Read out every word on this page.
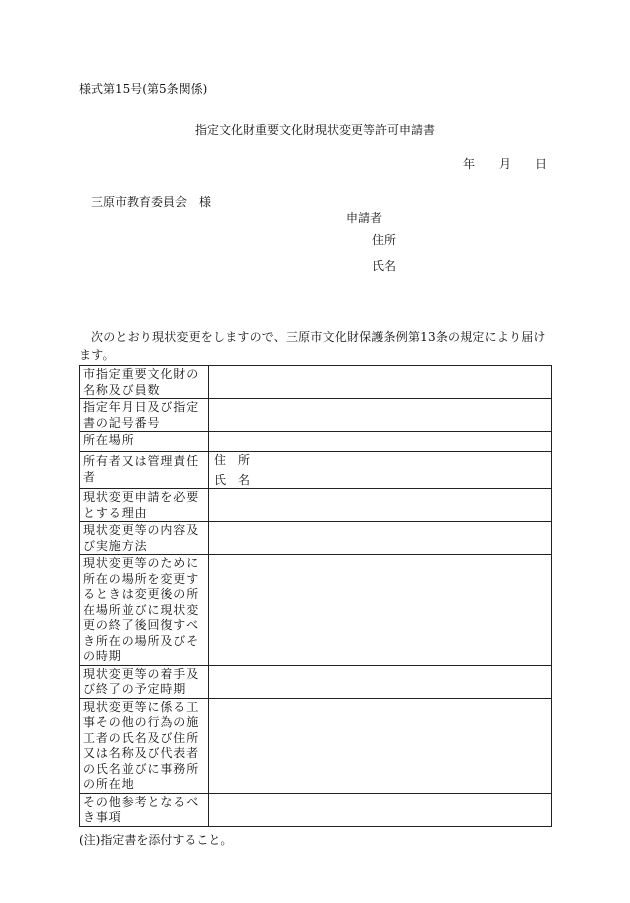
様式第15号(第5条関係)
指定文化財重要文化財現状変更等許可申請書
年 月 日
三原市教育委員会　様
申請者
住所
氏名
次のとおり現状変更をしますので、三原市文化財保護条例第13条の規定により届けます。
市指定重要文化財の名称及び員数	
指定年月日及び指定書の記号番号	
所在場所	
所有者又は管理責任者	住　所
氏　名

現状変更申請を必要とする理由	
現状変更等の内容及び実施方法	
現状変更等のために所在の場所を変更するときは変更後の所在場所並びに現状変更の終了後回復すべき所在の場所及びその時期	
現状変更等の着手及び終了の予定時期	
現状変更等に係る工事その他の行為の施工者の氏名及び住所又は名称及び代表者の氏名並びに事務所の所在地	
その他参考となるべき事項	
(注)指定書を添付すること。
